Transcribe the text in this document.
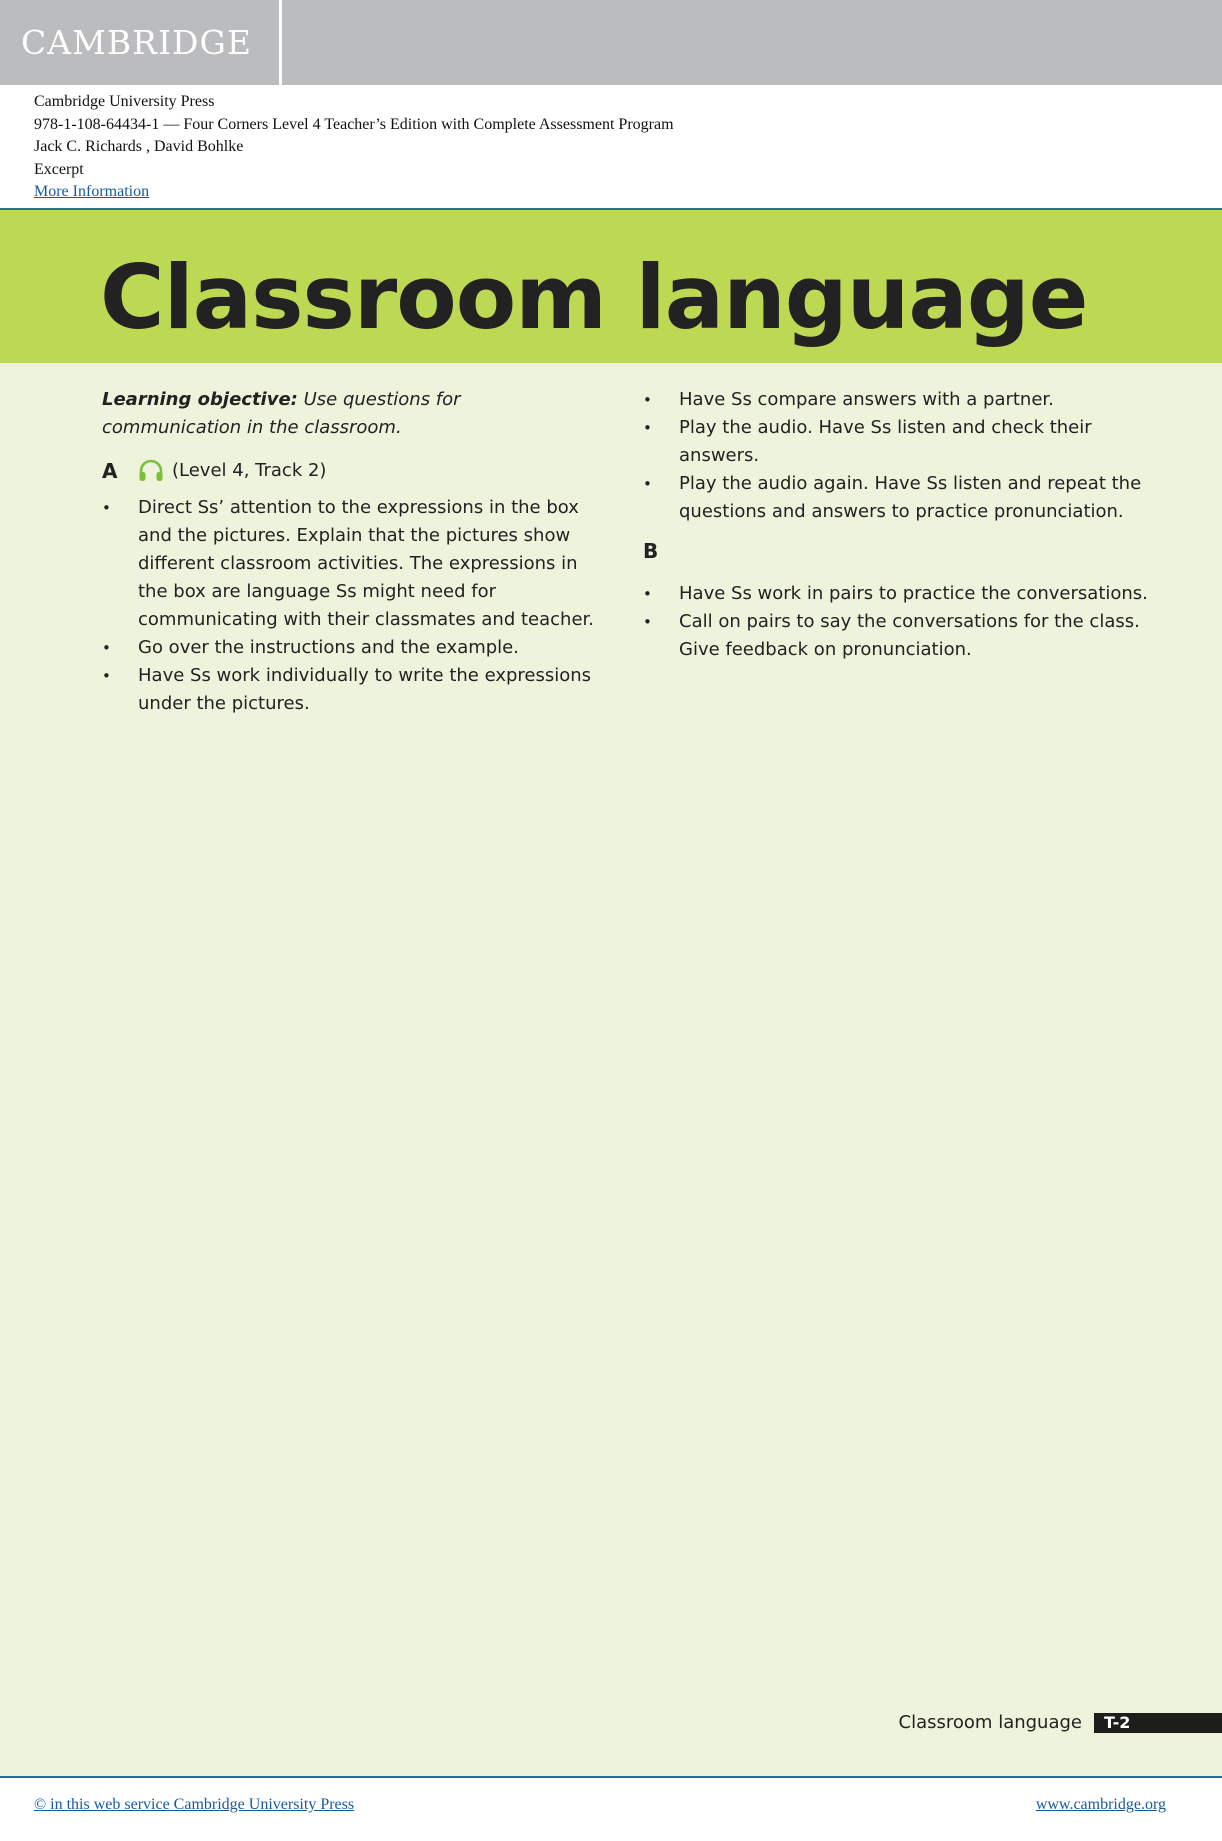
CAMBRIDGE
Cambridge University Press
978-1-108-64434-1 — Four Corners Level 4 Teacher’s Edition with Complete Assessment Program
Jack C. Richards , David Bohlke
Excerpt
More Information
Classroom language

Learning objective: Use questions for communication in the classroom.

A	(Level 4, Track 2)
• Direct Ss’ attention to the expressions in the box and the pictures. Explain that the pictures show different classroom activities. The expressions in the box are language Ss might need for communicating with their classmates and teacher.
• Go over the instructions and the example.
• Have Ss work individually to write the expressions under the pictures.
• Have Ss compare answers with a partner.
• Play the audio. Have Ss listen and check their answers.
• Play the audio again. Have Ss listen and repeat the questions and answers to practice pronunciation.
B
• Have Ss work in pairs to practice the conversations.
• Call on pairs to say the conversations for the class. Give feedback on pronunciation.
Classroom language	T-2
© in this web service Cambridge University Press	www.cambridge.org
